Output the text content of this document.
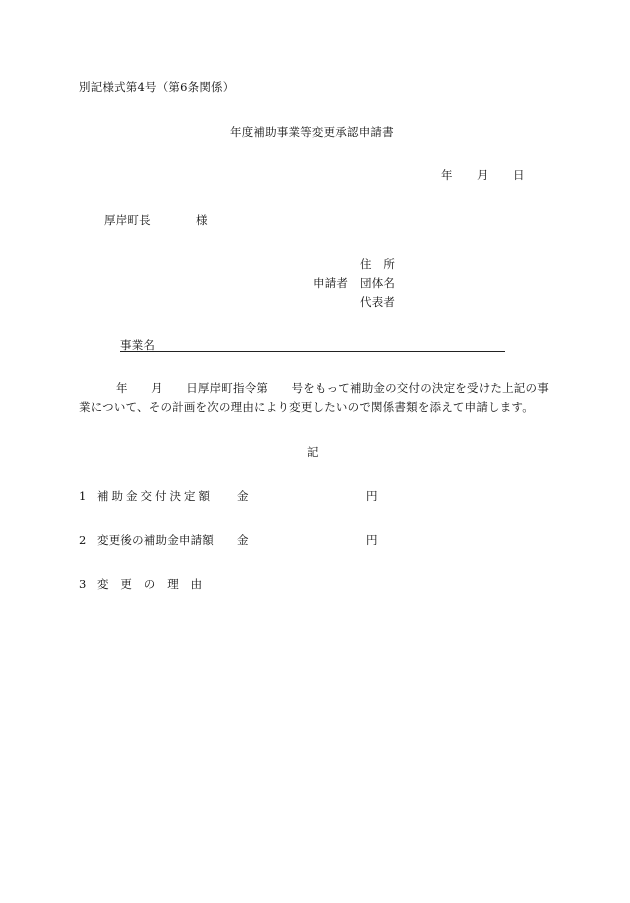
別記様式第4号（第6条関係）
年度補助事業等変更承認申請書
年 月 日
厚岸町長	様
住　所
申請者 団体名
代表者
事業名
年　　月　　日厚岸町指令第　　号をもって補助金の交付の決定を受けた上記の事
業について、その計画を次の理由により変更したいので関係書類を添えて申請します。
記
1 補助金交付決定額 金	円
2 変更後の補助金申請額 金	円
3 変　更　の　理　由
